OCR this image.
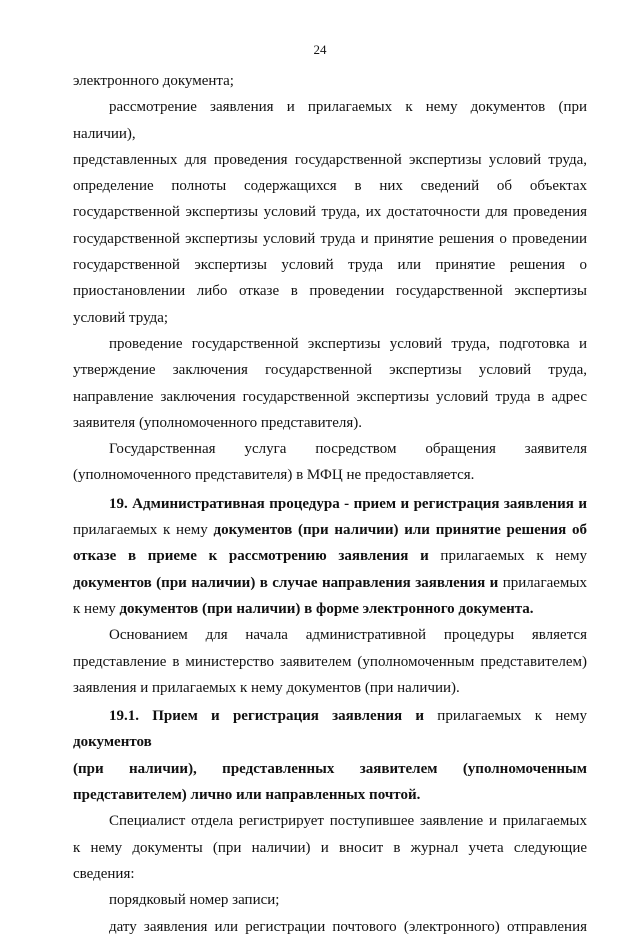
24
электронного документа;
рассмотрение заявления и прилагаемых к нему документов (при наличии),
представленных для проведения государственной экспертизы условий труда,
определение полноты содержащихся в них сведений об объектах
государственной экспертизы условий труда, их достаточности для проведения
государственной экспертизы условий труда и принятие решения о проведении
государственной экспертизы условий труда или принятие решения о
приостановлении либо отказе в проведении государственной экспертизы
условий труда;
проведение государственной экспертизы условий труда, подготовка и
утверждение заключения государственной экспертизы условий труда,
направление заключения государственной экспертизы условий труда в адрес
заявителя (уполномоченного представителя).
Государственная услуга посредством обращения заявителя
(уполномоченного представителя) в МФЦ не предоставляется.
19. Административная процедура - прием и регистрация заявления и
прилагаемых к нему документов (при наличии) или принятие решения об
отказе в приеме к рассмотрению заявления и прилагаемых к нему
документов (при наличии) в случае направления заявления и прилагаемых
к нему документов (при наличии) в форме электронного документа.
Основанием для начала административной процедуры является
представление в министерство заявителем (уполномоченным представителем)
заявления и прилагаемых к нему документов (при наличии).
19.1. Прием и регистрация заявления и прилагаемых к нему документов
(при наличии), представленных заявителем (уполномоченным
представителем) лично или направленных почтой.
Специалист отдела регистрирует поступившее заявление и прилагаемых
к нему документы (при наличии) и вносит в журнал учета следующие сведения:
порядковый номер записи;
дату заявления или регистрации почтового (электронного) отправления
